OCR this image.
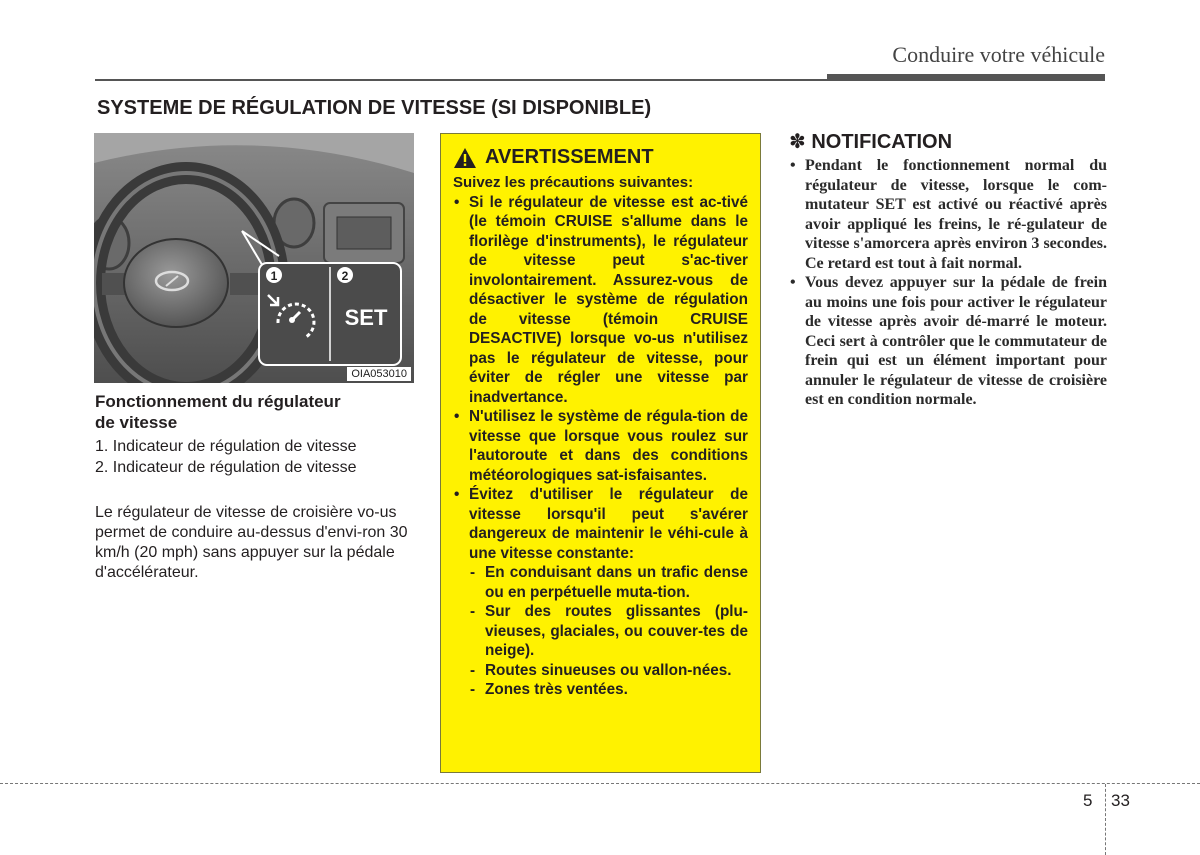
Conduire votre véhicule
SYSTEME DE RÉGULATION DE VITESSE (SI DISPONIBLE)
1	2
SET
OIA053010
Fonctionnement du régulateur
de vitesse
1. Indicateur de régulation de vitesse
2. Indicateur de régulation de vitesse
Le régulateur de vitesse de croisière vo-us permet de conduire au-dessus d'envi-ron 30 km/h (20 mph) sans appuyer sur la pédale d'accélérateur.
AVERTISSEMENT
Suivez les précautions suivantes:
• Si le régulateur de vitesse est ac-tivé (le témoin CRUISE s'allume dans le florilège d'instruments), le régulateur de vitesse peut s'ac-tiver involontairement. Assurez-vous de désactiver le système de régulation de vitesse (témoin CRUISE DESACTIVE) lorsque vo-us n'utilisez pas le régulateur de vitesse, pour éviter de régler une vitesse par inadvertance.
• N'utilisez le système de régula-tion de vitesse que lorsque vous roulez sur l'autoroute et dans des conditions météorologiques sat-isfaisantes.
• Évitez d'utiliser le régulateur de vitesse lorsqu'il peut s'avérer dangereux de maintenir le véhi-cule à une vitesse constante:
- En conduisant dans un trafic dense ou en perpétuelle muta-tion.
- Sur des routes glissantes (plu-vieuses, glaciales, ou couver-tes de neige).
- Routes sinueuses ou vallon-nées.
- Zones très ventées.
✽ NOTIFICATION
• Pendant le fonctionnement normal du régulateur de vitesse, lorsque le com-mutateur SET est activé ou réactivé après avoir appliqué les freins, le ré-gulateur de vitesse s'amorcera après environ 3 secondes. Ce retard est tout à fait normal.
• Vous devez appuyer sur la pédale de frein au moins une fois pour activer le régulateur de vitesse après avoir dé-marré le moteur. Ceci sert à contrôler que le commutateur de frein qui est un élément important pour annuler le régulateur de vitesse de croisière est en condition normale.
5 33
